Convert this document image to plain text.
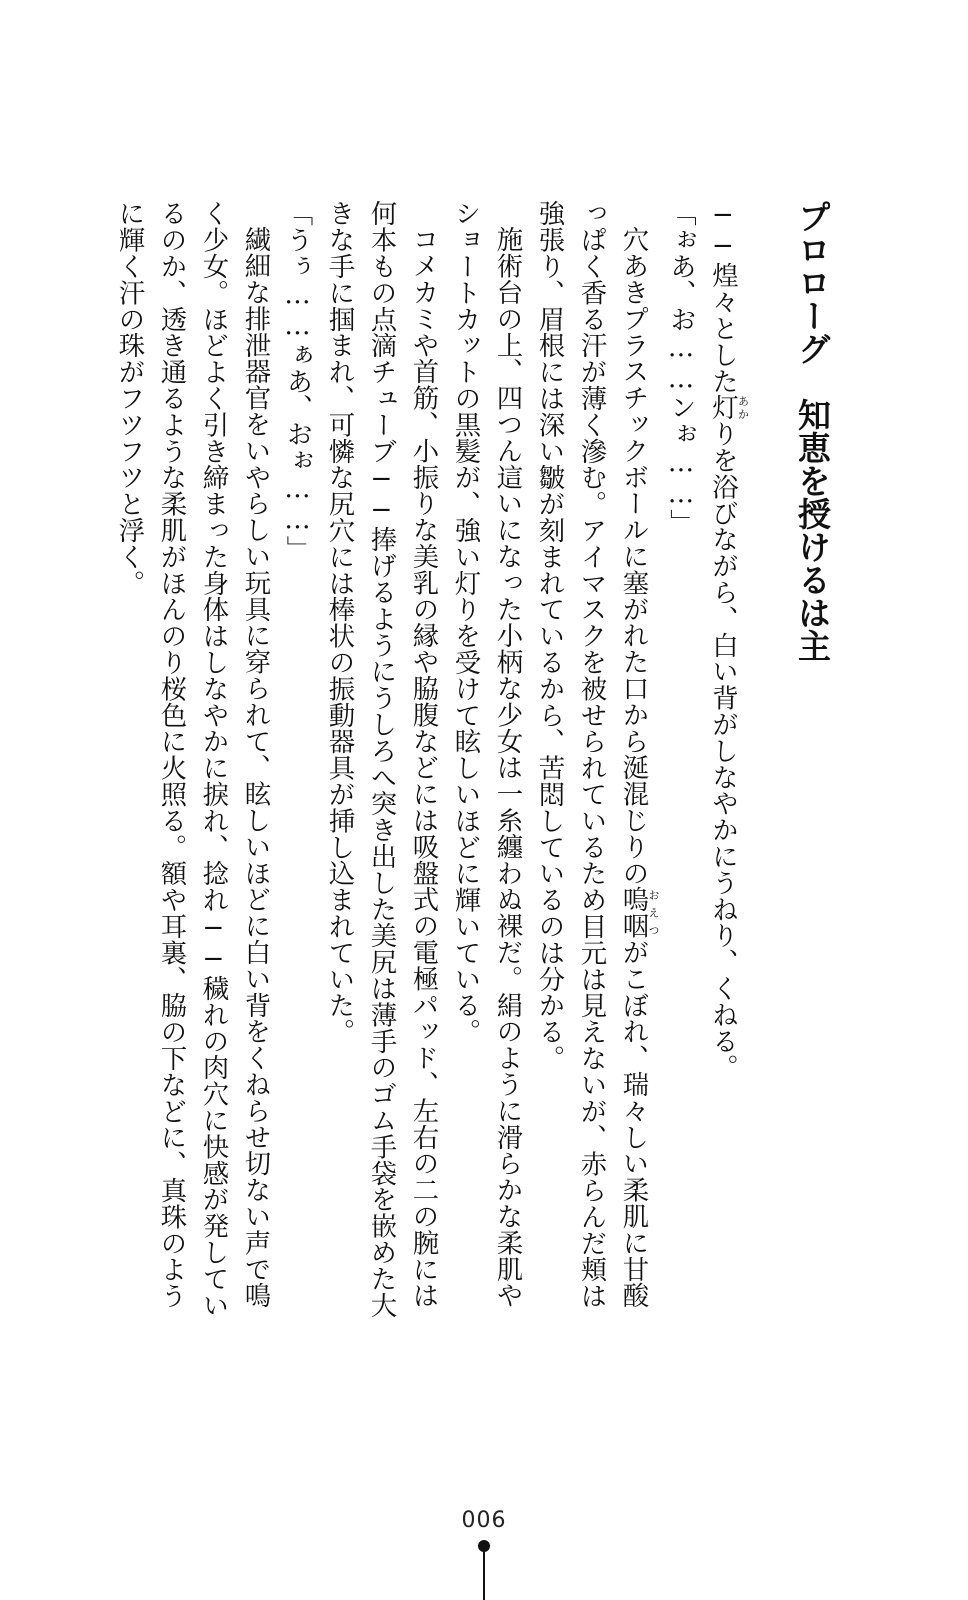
プロローグ知恵を授けるは主

──煌々とした灯あかりを浴びながら、白い背がしなやかにうねり、くねる。

「ぉあ、お……ンぉ……」

穴あきプラスチックボールに塞がれた口から涎混じりの嗚咽おえつがこぼれ、瑞々しい柔肌に甘酸っぱく香る汗が薄く滲む。アイマスクを被せられているため目元は見えないが、赤らんだ頬は強張り、眉根には深い皺が刻まれているから、苦悶しているのは分かる。

施術台の上、四つん這いになった小柄な少女は一糸纏わぬ裸だ。絹のように滑らかな柔肌やショートカットの黒髪が、強い灯りを受けて眩しいほどに輝いている。

コメカミや首筋、小振りな美乳の縁や脇腹などには吸盤式の電極パッド、左右の二の腕には何本もの点滴チューブ──捧げるようにうしろへ突き出した美尻は薄手のゴム手袋を嵌めた大きな手に掴まれ、可憐な尻穴には棒状の振動器具が挿し込まれていた。

「うぅ……ぁあ、おぉ……」

繊細な排泄器官をいやらしい玩具に穿られて、眩しいほどに白い背をくねらせ切ない声で鳴く少女。ほどよく引き締まった身体はしなやかに捩れ、捻れ──穢れの肉穴に快感が発しているのか、透き通るような柔肌がほんのり桜色に火照る。額や耳裏、脇の下などに、真珠のように輝く汗の珠がフツフツと浮く。

006
